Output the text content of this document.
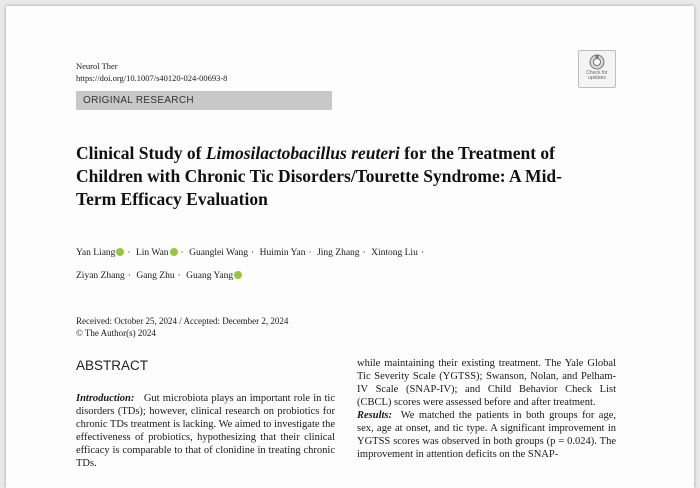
Neurol Ther
https://doi.org/10.1007/s40120-024-00693-8	Check for
updates
ORIGINAL RESEARCH
Clinical Study of Limosilactobacillus reuteri for the Treatment of Children with Chronic Tic Disorders/Tourette Syndrome: A Mid-Term Efficacy Evaluation
Yan Liang · Lin Wan · Guanglei Wang · Huimin Yan · Jing Zhang · Xintong Liu ·
Ziyan Zhang · Gang Zhu · Guang Yang
Received: October 25, 2024 / Accepted: December 2, 2024
© The Author(s) 2024
ABSTRACT

Introduction: Gut microbiota plays an important role in tic disorders (TDs); however, clinical research on probiotics for chronic TDs treatment is lacking. We aimed to investigate the effectiveness of probiotics, hypothesizing that their clinical efficacy is comparable to that of clonidine in treating chronic TDs.

while maintaining their existing treatment. The Yale Global Tic Severity Scale (YGTSS); Swanson, Nolan, and Pelham-IV Scale (SNAP-IV); and Child Behavior Check List (CBCL) scores were assessed before and after treatment.

Results: We matched the patients in both groups for age, sex, age at onset, and tic type. A significant improvement in YGTSS scores was observed in both groups (p = 0.024). The improvement in attention deficits on the SNAP-
